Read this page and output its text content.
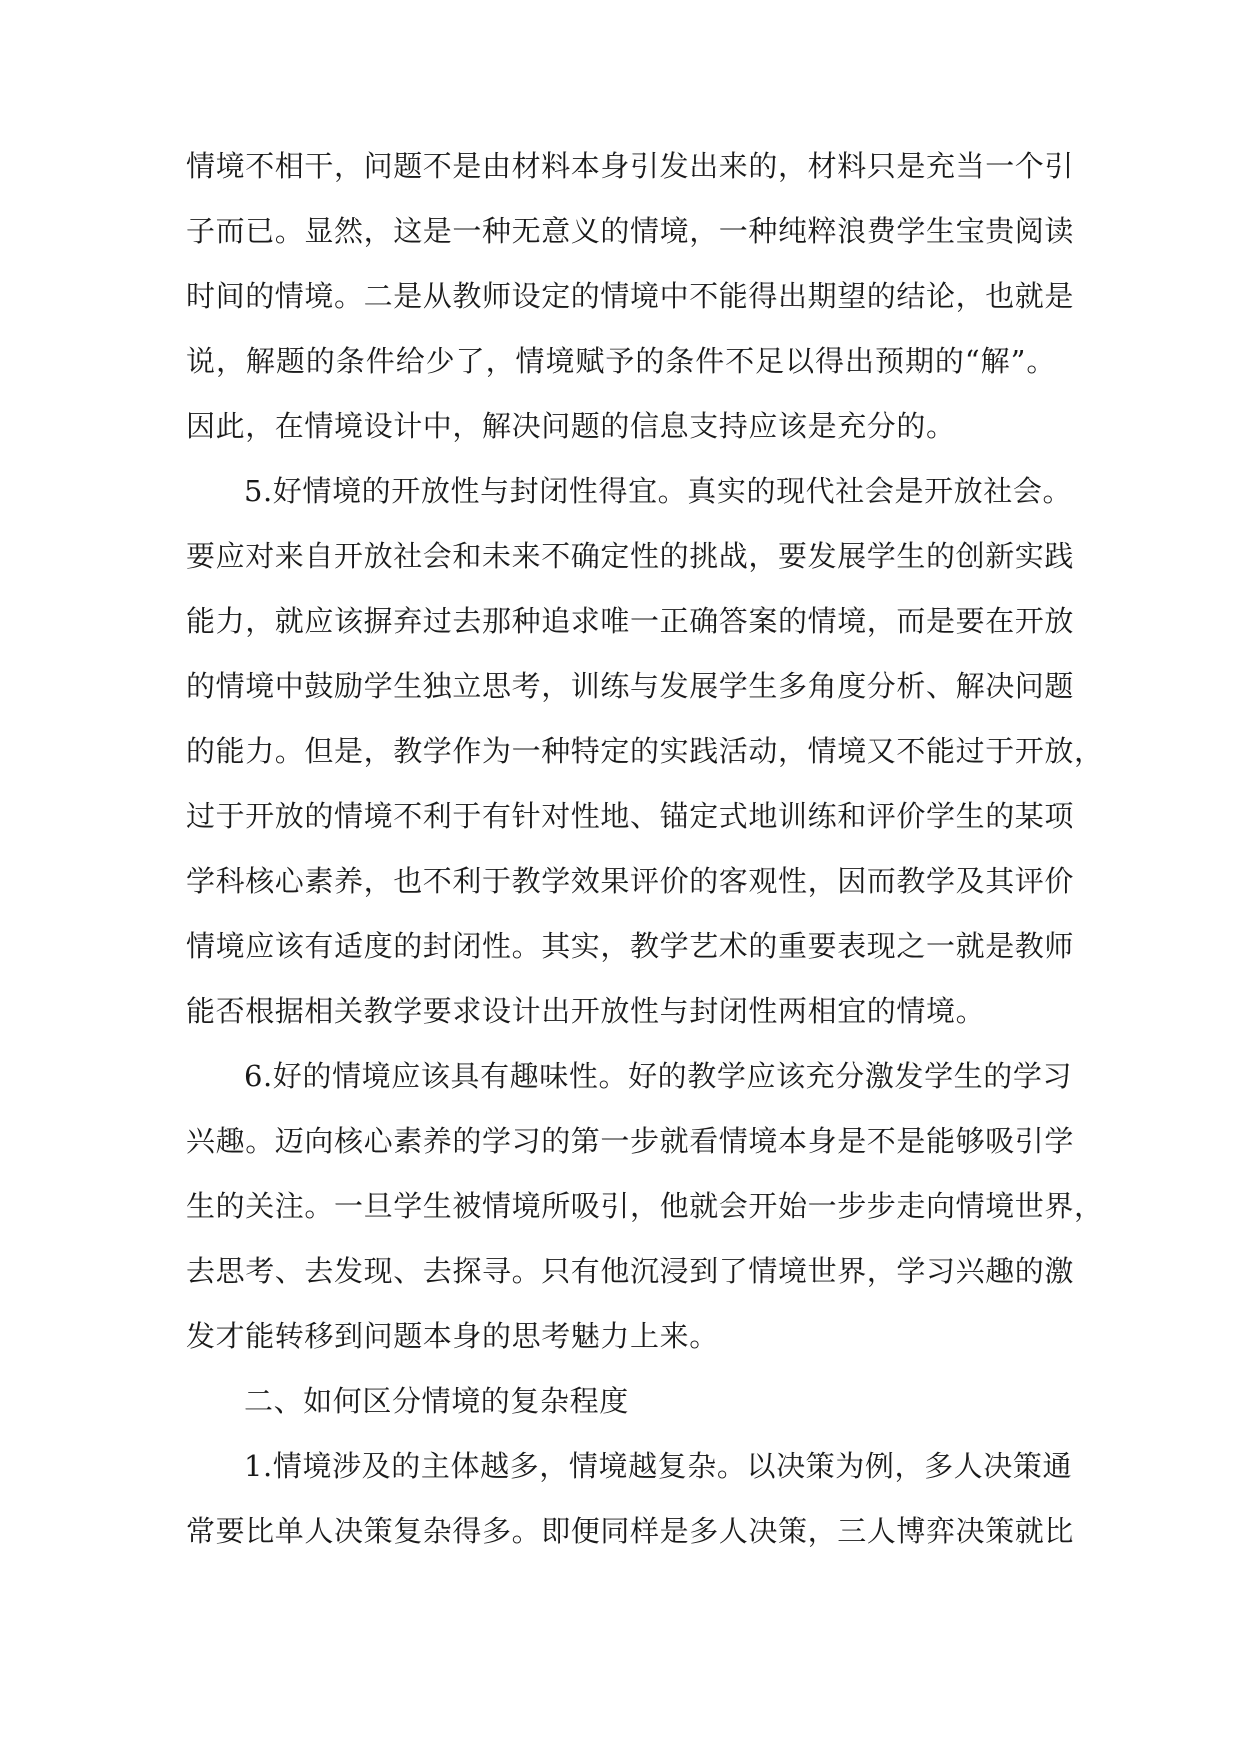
情境不相干，问题不是由材料本身引发出来的，材料只是充当一个引
子而已。显然，这是一种无意义的情境，一种纯粹浪费学生宝贵阅读
时间的情境。二是从教师设定的情境中不能得出期望的结论，也就是
说，解题的条件给少了，情境赋予的条件不足以得出预期的“解”。
因此，在情境设计中，解决问题的信息支持应该是充分的。
5.好情境的开放性与封闭性得宜。真实的现代社会是开放社会。
要应对来自开放社会和未来不确定性的挑战，要发展学生的创新实践
能力，就应该摒弃过去那种追求唯一正确答案的情境，而是要在开放
的情境中鼓励学生独立思考，训练与发展学生多角度分析、解决问题
的能力。但是，教学作为一种特定的实践活动，情境又不能过于开放，
过于开放的情境不利于有针对性地、锚定式地训练和评价学生的某项
学科核心素养，也不利于教学效果评价的客观性，因而教学及其评价
情境应该有适度的封闭性。其实，教学艺术的重要表现之一就是教师
能否根据相关教学要求设计出开放性与封闭性两相宜的情境。
6.好的情境应该具有趣味性。好的教学应该充分激发学生的学习
兴趣。迈向核心素养的学习的第一步就看情境本身是不是能够吸引学
生的关注。一旦学生被情境所吸引，他就会开始一步步走向情境世界，
去思考、去发现、去探寻。只有他沉浸到了情境世界，学习兴趣的激
发才能转移到问题本身的思考魅力上来。
二、如何区分情境的复杂程度
1.情境涉及的主体越多，情境越复杂。以决策为例，多人决策通
常要比单人决策复杂得多。即便同样是多人决策，三人博弈决策就比
